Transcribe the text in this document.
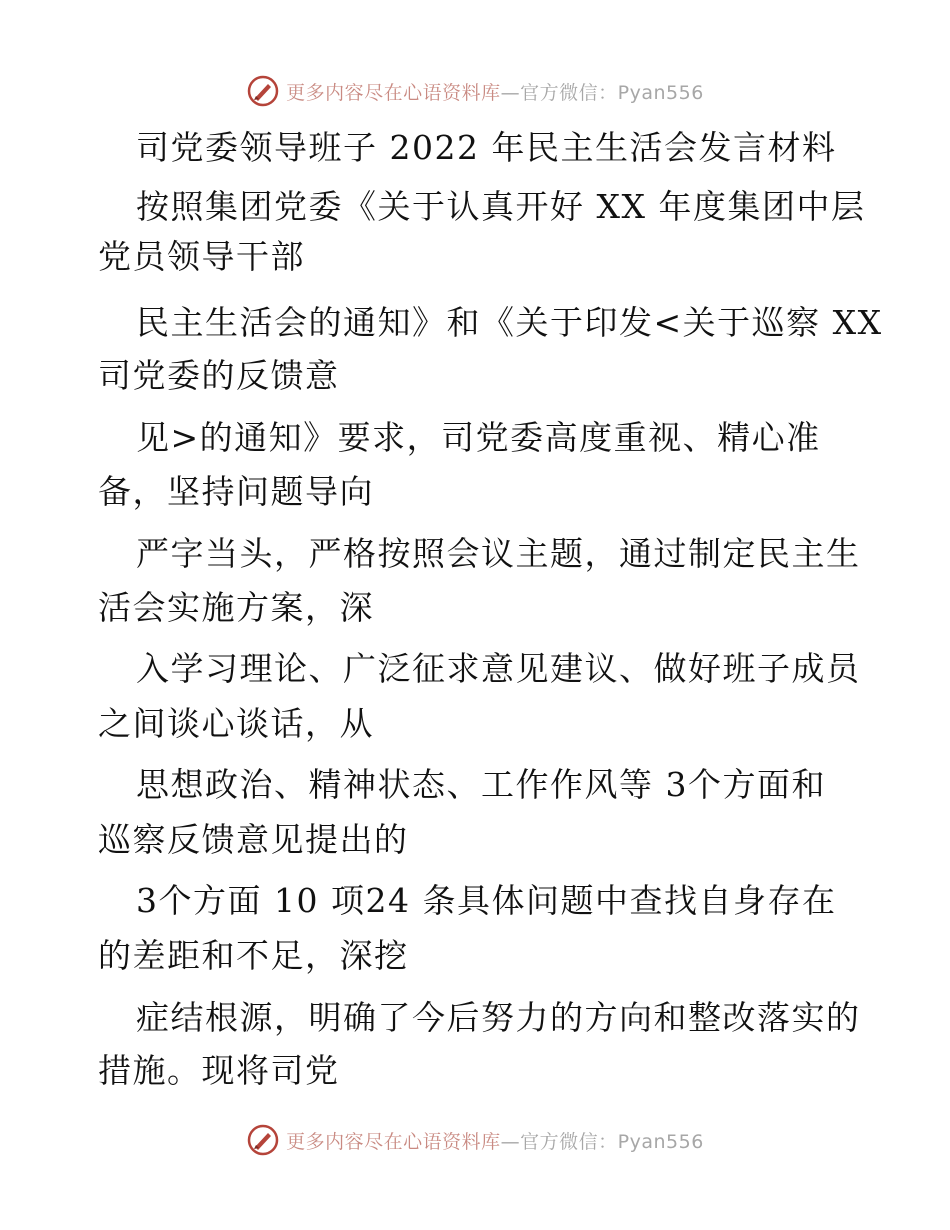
更多内容尽在心语资料库 —官方微信：Pyan556
司党委领导班子 2022 年民主生活会发言材料
按照集团党委《关于认真开好 XX 年度集团中层
党员领导干部
民主生活会的通知》和《关于印发<关于巡察 XX
司党委的反馈意
见>的通知》要求，司党委高度重视、精心准
备，坚持问题导向
严字当头，严格按照会议主题，通过制定民主生
活会实施方案，深
入学习理论、广泛征求意见建议、做好班子成员
之间谈心谈话，从
思想政治、精神状态、工作作风等 3个方面和
巡察反馈意见提出的
3个方面 10 项24 条具体问题中查找自身存在
的差距和不足，深挖
症结根源，明确了今后努力的方向和整改落实的
措施。现将司党
更多内容尽在心语资料库 —官方微信：Pyan556
